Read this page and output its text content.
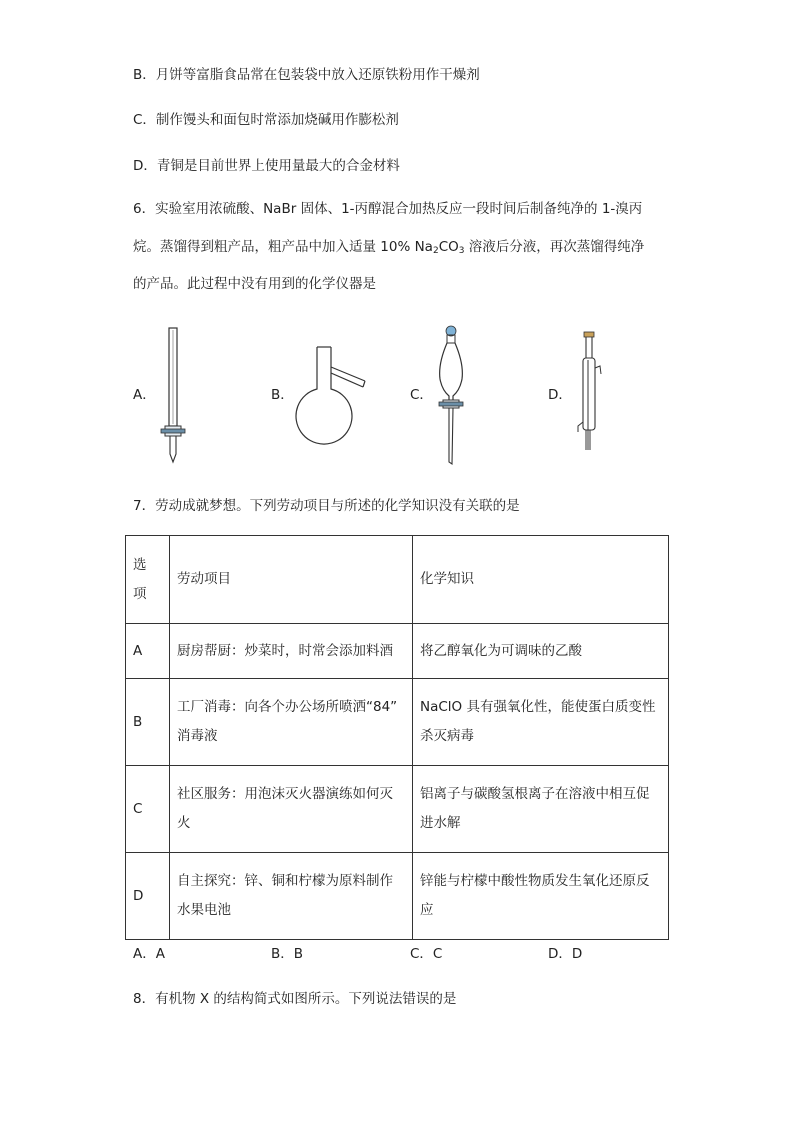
B．月饼等富脂食品常在包装袋中放入还原铁粉用作干燥剂
C．制作馒头和面包时常添加烧碱用作膨松剂
D．青铜是目前世界上使用量最大的合金材料
6．实验室用浓硫酸、NaBr 固体、1-丙醇混合加热反应一段时间后制备纯净的 1-溴丙
烷。蒸馏得到粗产品，粗产品中加入适量 10% $Na_2CO_3$ 溶液后分液，再次蒸馏得纯净
的产品。此过程中没有用到的化学仪器是
A．	B．	C．	D．
7．劳动成就梦想。下列劳动项目与所述的化学知识没有关联的是
选
项	劳动项目	化学知识
A	厨房帮厨：炒菜时，时常会添加料酒	将乙醇氧化为可调味的乙酸
B	工厂消毒：向各个办公场所喷洒“84”
消毒液	NaClO 具有强氧化性，能使蛋白质变性
杀灭病毒
C	社区服务：用泡沫灭火器演练如何灭
火	铝离子与碳酸氢根离子在溶液中相互促
进水解
D	自主探究：锌、铜和柠檬为原料制作
水果电池	锌能与柠檬中酸性物质发生氧化还原反
应
A．A	B．B	C．C	D．D
8．有机物 X 的结构简式如图所示。下列说法错误的是
